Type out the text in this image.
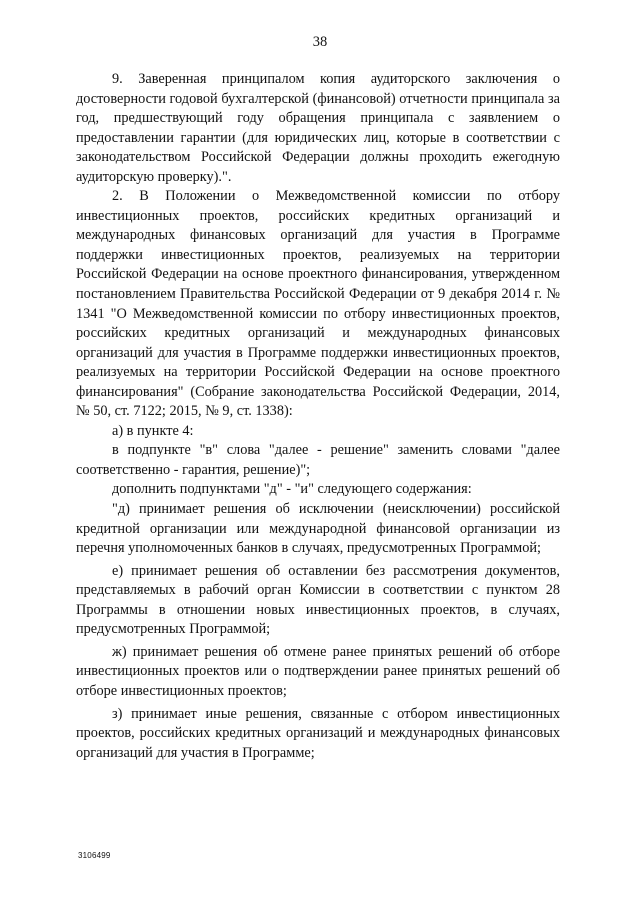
38

9. Заверенная принципалом копия аудиторского заключения о достоверности годовой бухгалтерской (финансовой) отчетности принципала за год, предшествующий году обращения принципала с заявлением о предоставлении гарантии (для юридических лиц, которые в соответствии с законодательством Российской Федерации должны проходить ежегодную аудиторскую проверку).".

2. В Положении о Межведомственной комиссии по отбору инвестиционных проектов, российских кредитных организаций и международных финансовых организаций для участия в Программе поддержки инвестиционных проектов, реализуемых на территории Российской Федерации на основе проектного финансирования, утвержденном постановлением Правительства Российской Федерации от 9 декабря 2014 г. № 1341 "О Межведомственной комиссии по отбору инвестиционных проектов, российских кредитных организаций и международных финансовых организаций для участия в Программе поддержки инвестиционных проектов, реализуемых на территории Российской Федерации на основе проектного финансирования" (Собрание законодательства Российской Федерации, 2014, № 50, ст. 7122; 2015, № 9, ст. 1338):

а) в пункте 4:

в подпункте "в" слова "далее - решение" заменить словами "далее соответственно - гарантия, решение)";

дополнить подпунктами "д" - "и" следующего содержания:

"д) принимает решения об исключении (неисключении) российской кредитной организации или международной финансовой организации из перечня уполномоченных банков в случаях, предусмотренных Программой;

е) принимает решения об оставлении без рассмотрения документов, представляемых в рабочий орган Комиссии в соответствии с пунктом 28 Программы в отношении новых инвестиционных проектов, в случаях, предусмотренных Программой;

ж) принимает решения об отмене ранее принятых решений об отборе инвестиционных проектов или о подтверждении ранее принятых решений об отборе инвестиционных проектов;

з) принимает иные решения, связанные с отбором инвестиционных проектов, российских кредитных организаций и международных финансовых организаций для участия в Программе;

3106499
